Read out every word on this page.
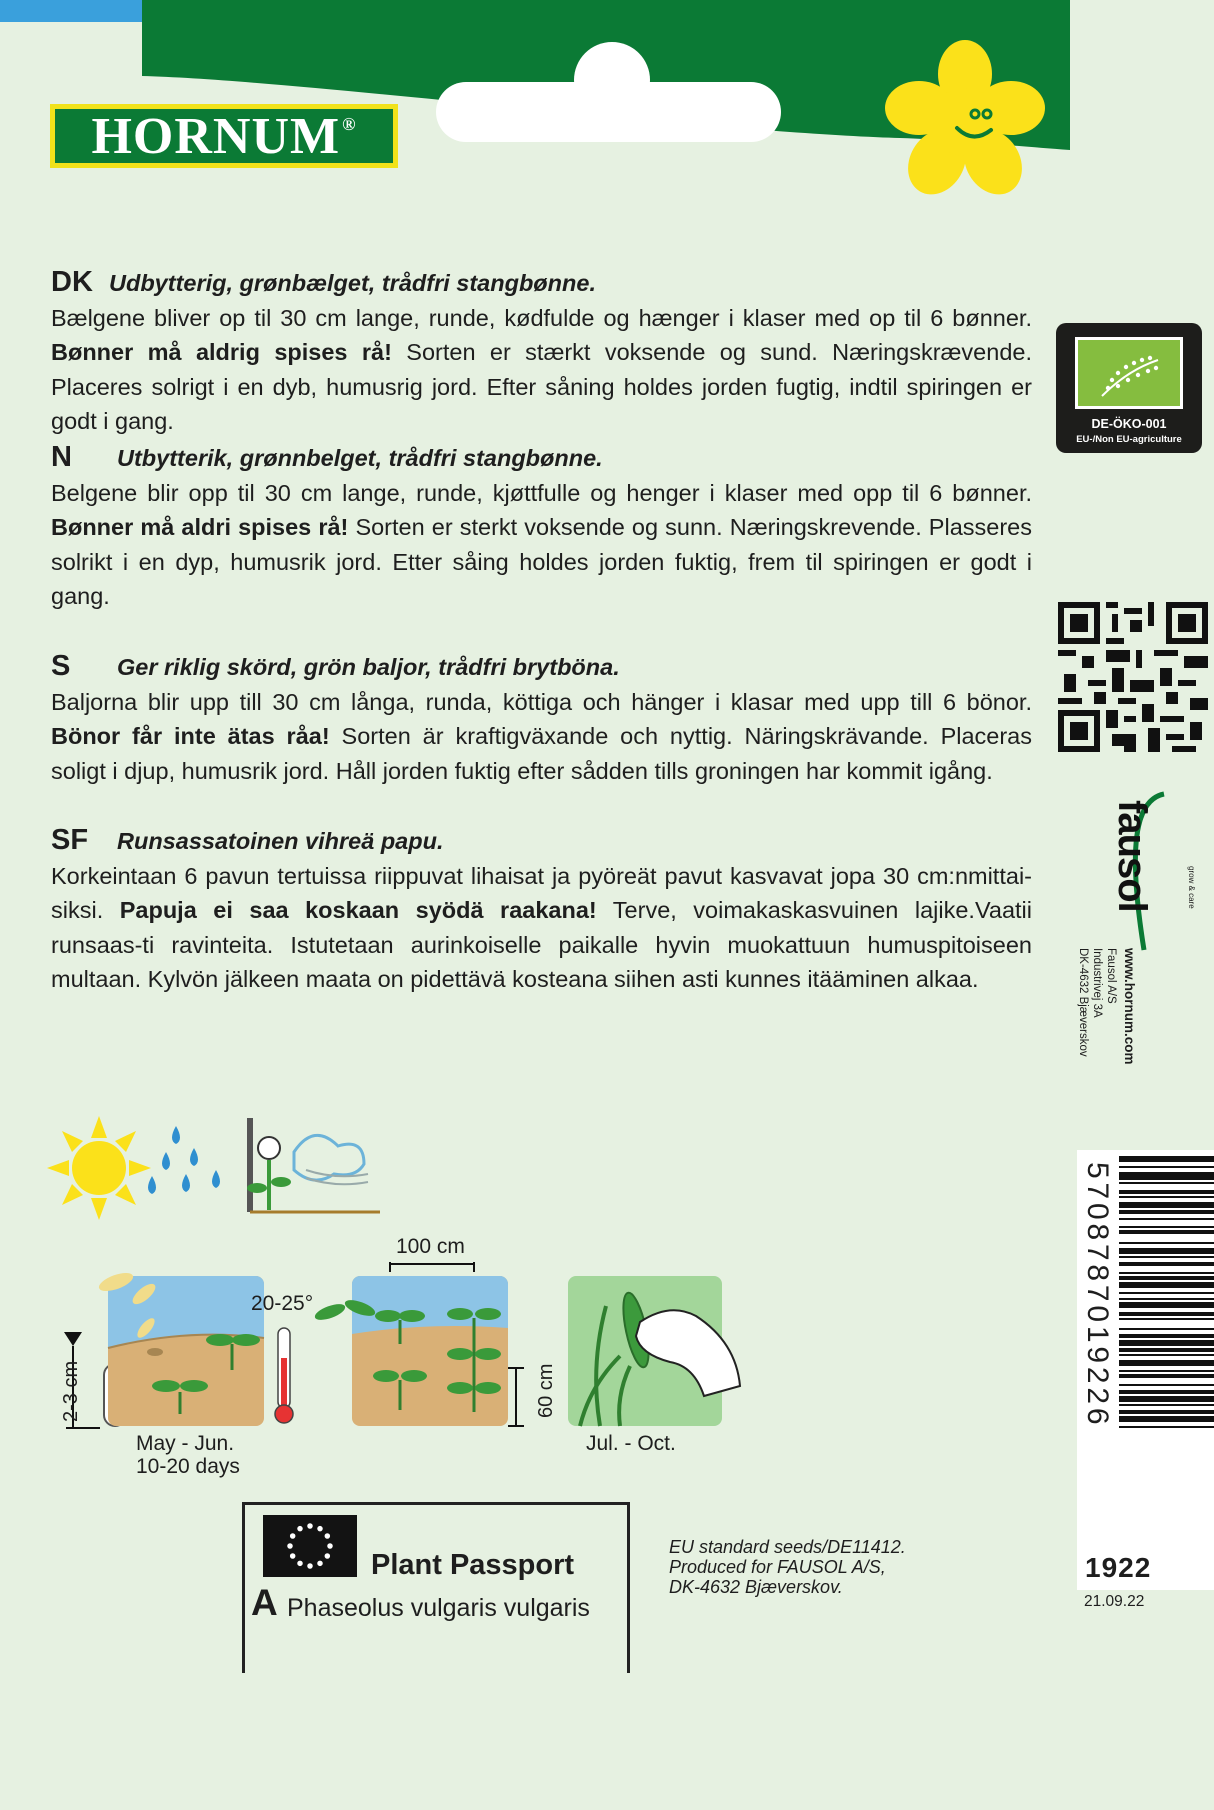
HORNUM®
DK Udbytterig, grønbælget, trådfri stangbønne.

Bælgene bliver op til 30 cm lange, runde, kødfulde og hænger i klaser med op til 6 bønner. Bønner må aldrig spises rå! Sorten er stærkt voksende og sund. Næringskrævende. Placeres solrigt i en dyb, humusrig jord. Efter såning holdes jorden fugtig, indtil spiringen er godt i gang.

N	Utbytterik, grønnbelget, trådfri stangbønne.

Belgene blir opp til 30 cm lange, runde, kjøttfulle og henger i klaser med opp til 6 bønner. Bønner må aldri spises rå! Sorten er sterkt voksende og sunn. Næringskrevende. Plasseres solrikt i en dyp, humusrik jord. Etter såing holdes jorden fuktig, frem til spiringen er godt i gang.

S	Ger riklig skörd, grön baljor, trådfri brytböna.

Baljorna blir upp till 30 cm långa, runda, köttiga och hänger i klasar med upp till 6 bönor. Bönor får inte ätas råa! Sorten är kraftigväxande och nyttig. Näringskrävande. Placeras soligt i djup, humusrik jord. Håll jorden fuktig efter sådden tills groningen har kommit igång.

SF	Runsassatoinen vihreä papu.

Korkeintaan 6 pavun tertuissa riippuvat lihaisat ja pyöreät pavut kasvavat jopa 30 cm:nmittai-siksi. Papuja ei saa koskaan syödä raakana! Terve, voimakaskasvuinen lajike.Vaatii runsaas-ti ravinteita. Istutetaan aurinkoiselle paikalle hyvin muokattuun humuspitoiseen multaan. Kylvön jälkeen maata on pidettävä kosteana siihen asti kunnes itääminen alkaa.

DE-ÖKO-001
EU-/Non EU-agriculture
fausol	grow & care
Fausol A/S
Industrivej 3A
DK-4632 Bjæverskov www.hornum.com
5708787019226
1922
21.09.22
100 cm
20-25°
2-3 cm	60 cm
May - Jun.
10-20 days
Jul. - Oct.
Plant Passport
A Phaseolus vulgaris vulgaris
EU standard seeds/DE11412.
Produced for FAUSOL A/S,
DK-4632 Bjæverskov.
